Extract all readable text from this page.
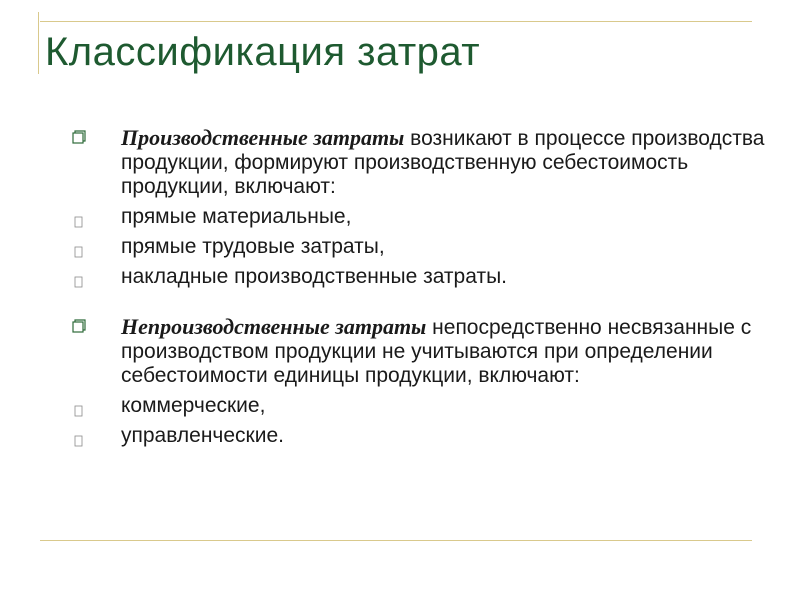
Классификация затрат
Производственные затраты возникают в процессе производства продукции, формируют производственную себестоимость продукции, включают:
прямые материальные,
прямые трудовые затраты,
накладные производственные затраты.
Непроизводственные затраты непосредственно несвязанные с производством продукции не учитываются при определении себестоимости единицы продукции, включают:
коммерческие,
управленческие.
